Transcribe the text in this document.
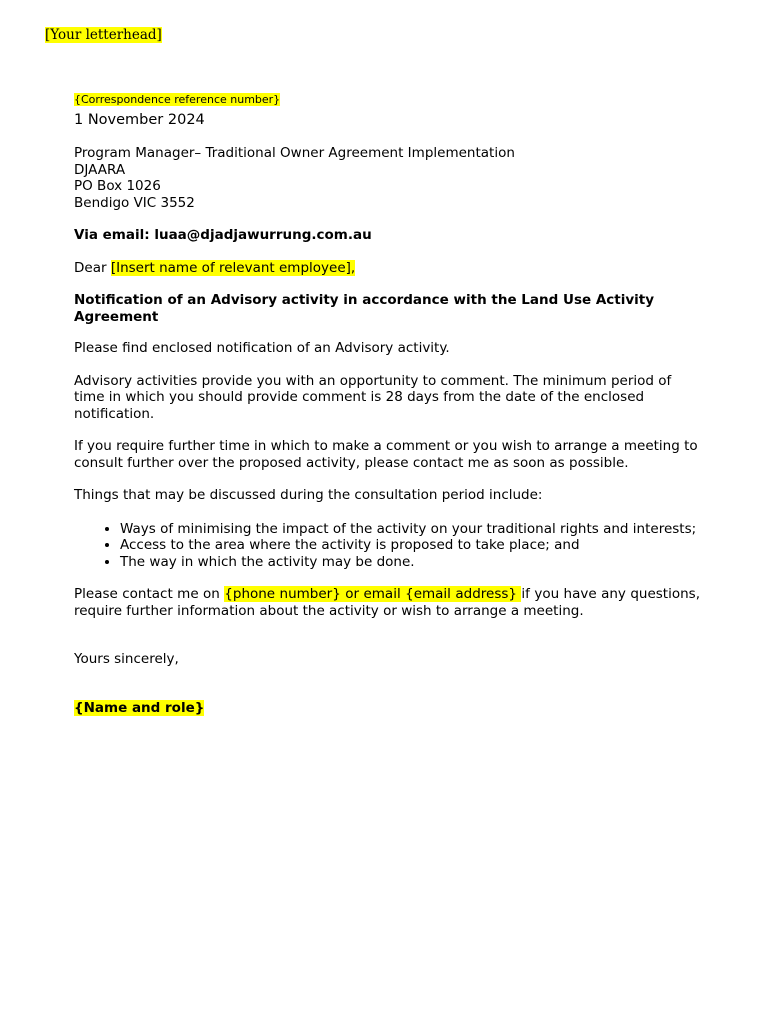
[Your letterhead]
{Correspondence reference number}
1 November 2024
Program Manager– Traditional Owner Agreement Implementation
DJAARA
PO Box 1026
Bendigo VIC 3552
Via email: luaa@djadjawurrung.com.au
Dear [Insert name of relevant employee],
Notification of an Advisory activity in accordance with the Land Use Activity Agreement

Please find enclosed notification of an Advisory activity.

Advisory activities provide you with an opportunity to comment. The minimum period of time in which you should provide comment is 28 days from the date of the enclosed notification.

If you require further time in which to make a comment or you wish to arrange a meeting to consult further over the proposed activity, please contact me as soon as possible.

Things that may be discussed during the consultation period include:

• Ways of minimising the impact of the activity on your traditional rights and interests;
• Access to the area where the activity is proposed to take place; and
• The way in which the activity may be done.

Please contact me on {phone number} or email {email address} if you have any questions, require further information about the activity or wish to arrange a meeting.

Yours sincerely,
{Name and role}
